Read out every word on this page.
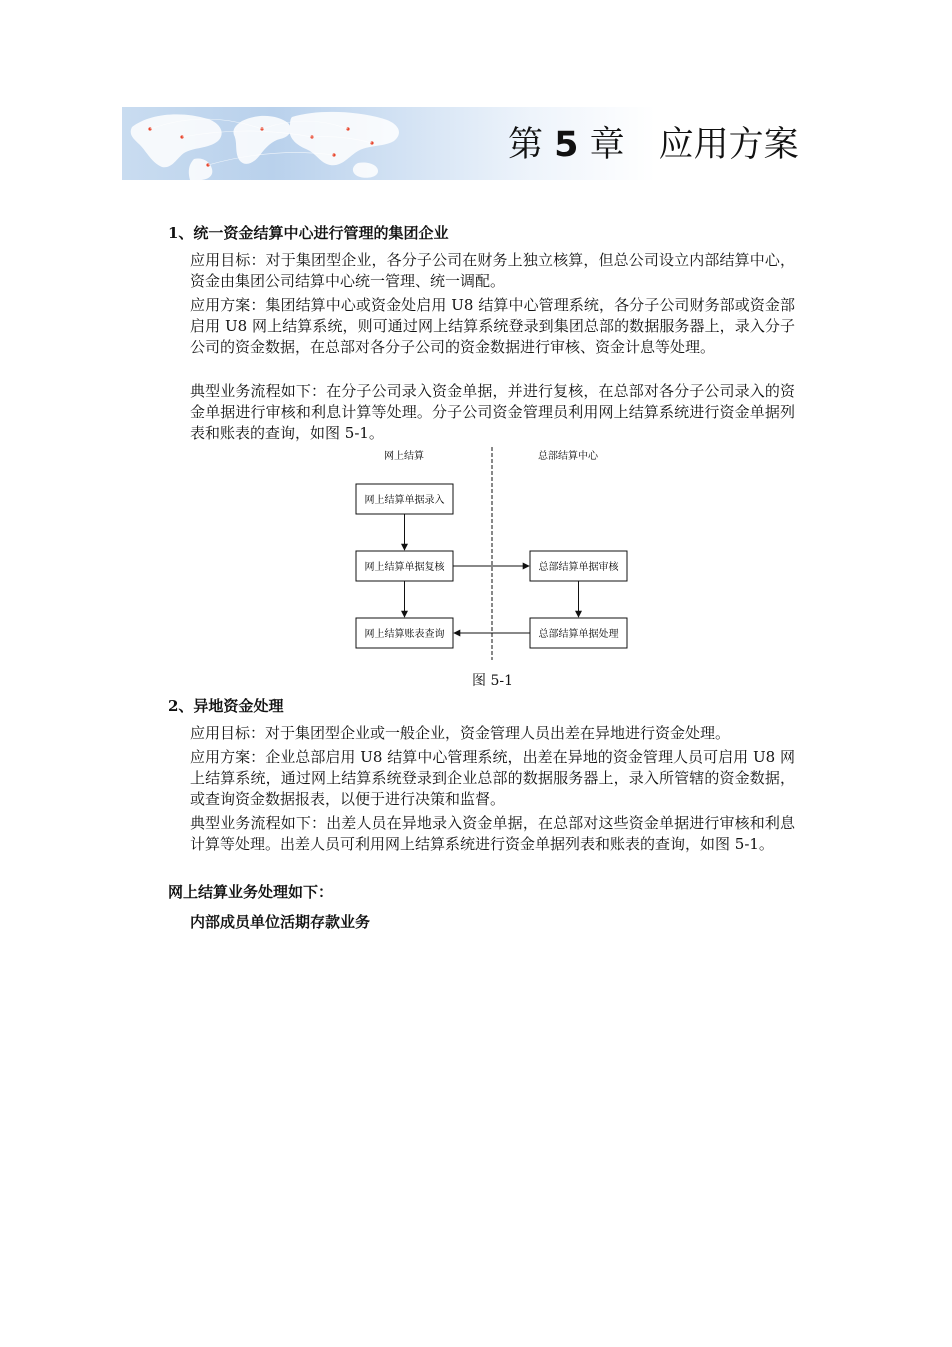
第 5 章 应用方案
1、统一资金结算中心进行管理的集团企业
应用目标：对于集团型企业，各分子公司在财务上独立核算，但总公司设立内部结算中心，资金由集团公司结算中心统一管理、统一调配。
应用方案：集团结算中心或资金处启用 U8 结算中心管理系统，各分子公司财务部或资金部启用 U8 网上结算系统，则可通过网上结算系统登录到集团总部的数据服务器上，录入分子公司的资金数据，在总部对各分子公司的资金数据进行审核、资金计息等处理。
典型业务流程如下：在分子公司录入资金单据，并进行复核，在总部对各分子公司录入的资金单据进行审核和利息计算等处理。分子公司资金管理员利用网上结算系统进行资金单据列表和账表的查询，如图 5-1。
网上结算	总部结算中心
网上结算单据录入
网上结算单据复核
网上结算账表查询
总部结算单据审核
总部结算单据处理
图 5-1
2、异地资金处理
应用目标：对于集团型企业或一般企业，资金管理人员出差在异地进行资金处理。
应用方案：企业总部启用 U8 结算中心管理系统，出差在异地的资金管理人员可启用 U8 网上结算系统，通过网上结算系统登录到企业总部的数据服务器上，录入所管辖的资金数据，或查询资金数据报表，以便于进行决策和监督。
典型业务流程如下：出差人员在异地录入资金单据，在总部对这些资金单据进行审核和利息计算等处理。出差人员可利用网上结算系统进行资金单据列表和账表的查询，如图 5-1。
网上结算业务处理如下：
内部成员单位活期存款业务
